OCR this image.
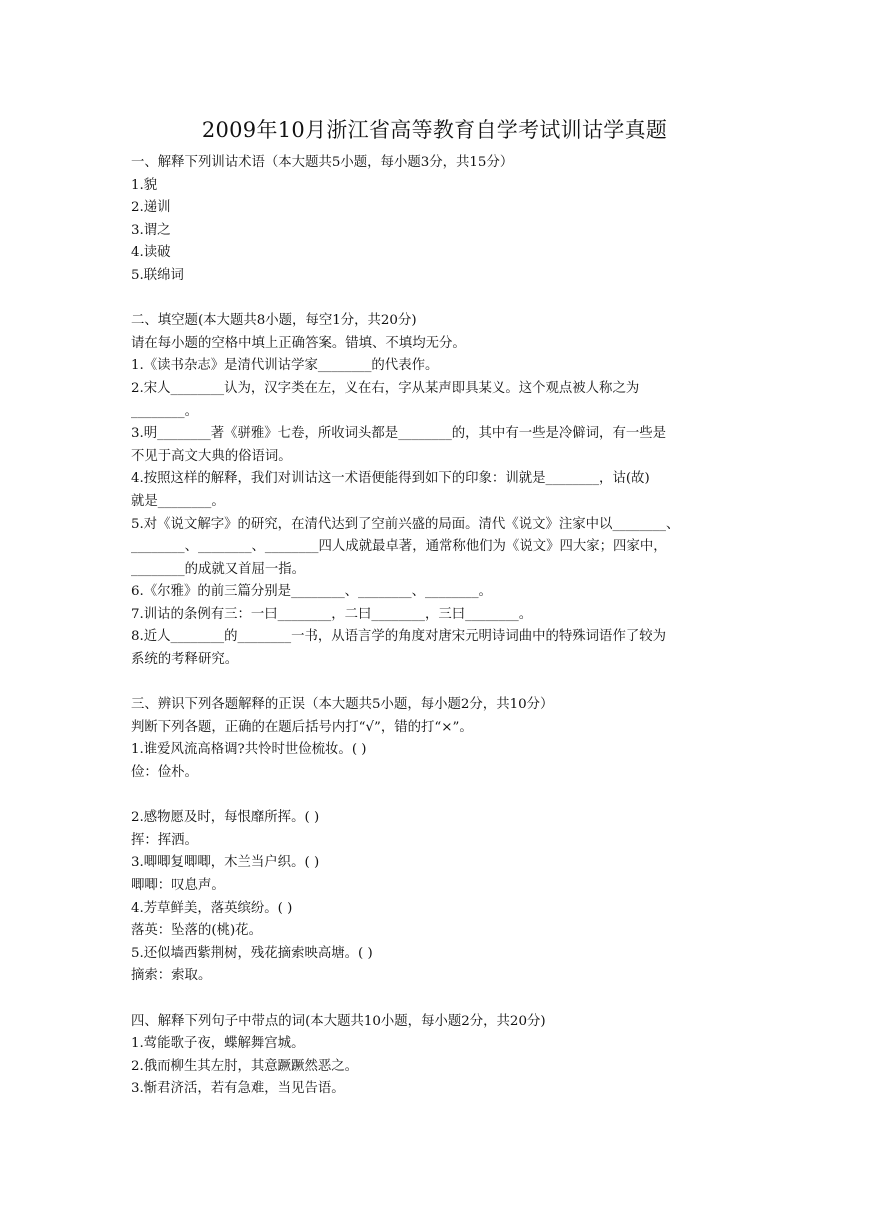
2009年10月浙江省高等教育自学考试训诂学真题

一、解释下列训诂术语（本大题共5小题，每小题3分，共15分）

1.貌

2.递训

3.谓之

4.读破

5.联绵词

二、填空题(本大题共8小题，每空1分，共20分)

请在每小题的空格中填上正确答案。错填、不填均无分。

1.《读书杂志》是清代训诂学家________的代表作。

2.宋人________认为，汉字类在左，义在右，字从某声即具某义。这个观点被人称之为

________。

3.明________著《骈雅》七卷，所收词头都是________的，其中有一些是冷僻词，有一些是

不见于高文大典的俗语词。

4.按照这样的解释，我们对训诂这一术语便能得到如下的印象：训就是________，诂(故)

就是________。

5.对《说文解字》的研究，在清代达到了空前兴盛的局面。清代《说文》注家中以________、

________、________、________四人成就最卓著，通常称他们为《说文》四大家；四家中，

________的成就又首屈一指。

6.《尔雅》的前三篇分别是________、________、________。

7.训诂的条例有三：一曰________，二曰________，三曰________。

8.近人________的________一书，从语言学的角度对唐宋元明诗词曲中的特殊词语作了较为

系统的考释研究。

三、辨识下列各题解释的正误（本大题共5小题，每小题2分，共10分）

判断下列各题，正确的在题后括号内打“√”，错的打“×”。

1.谁爱风流高格调?共怜时世俭梳妆。( )

俭：俭朴。

2.感物愿及时，每恨靡所挥。( )

挥：挥洒。

3.唧唧复唧唧，木兰当户织。( )

唧唧：叹息声。

4.芳草鲜美，落英缤纷。( )

落英：坠落的(桃)花。

5.还似墙西紫荆树，残花摘索映高塘。( )

摘索：索取。

四、解释下列句子中带点的词(本大题共10小题，每小题2分，共20分)

1.莺能歌子夜，蝶解舞宫城。

2.俄而柳生其左肘，其意蹶蹶然恶之。

3.惭君济活，若有急难，当见告语。
